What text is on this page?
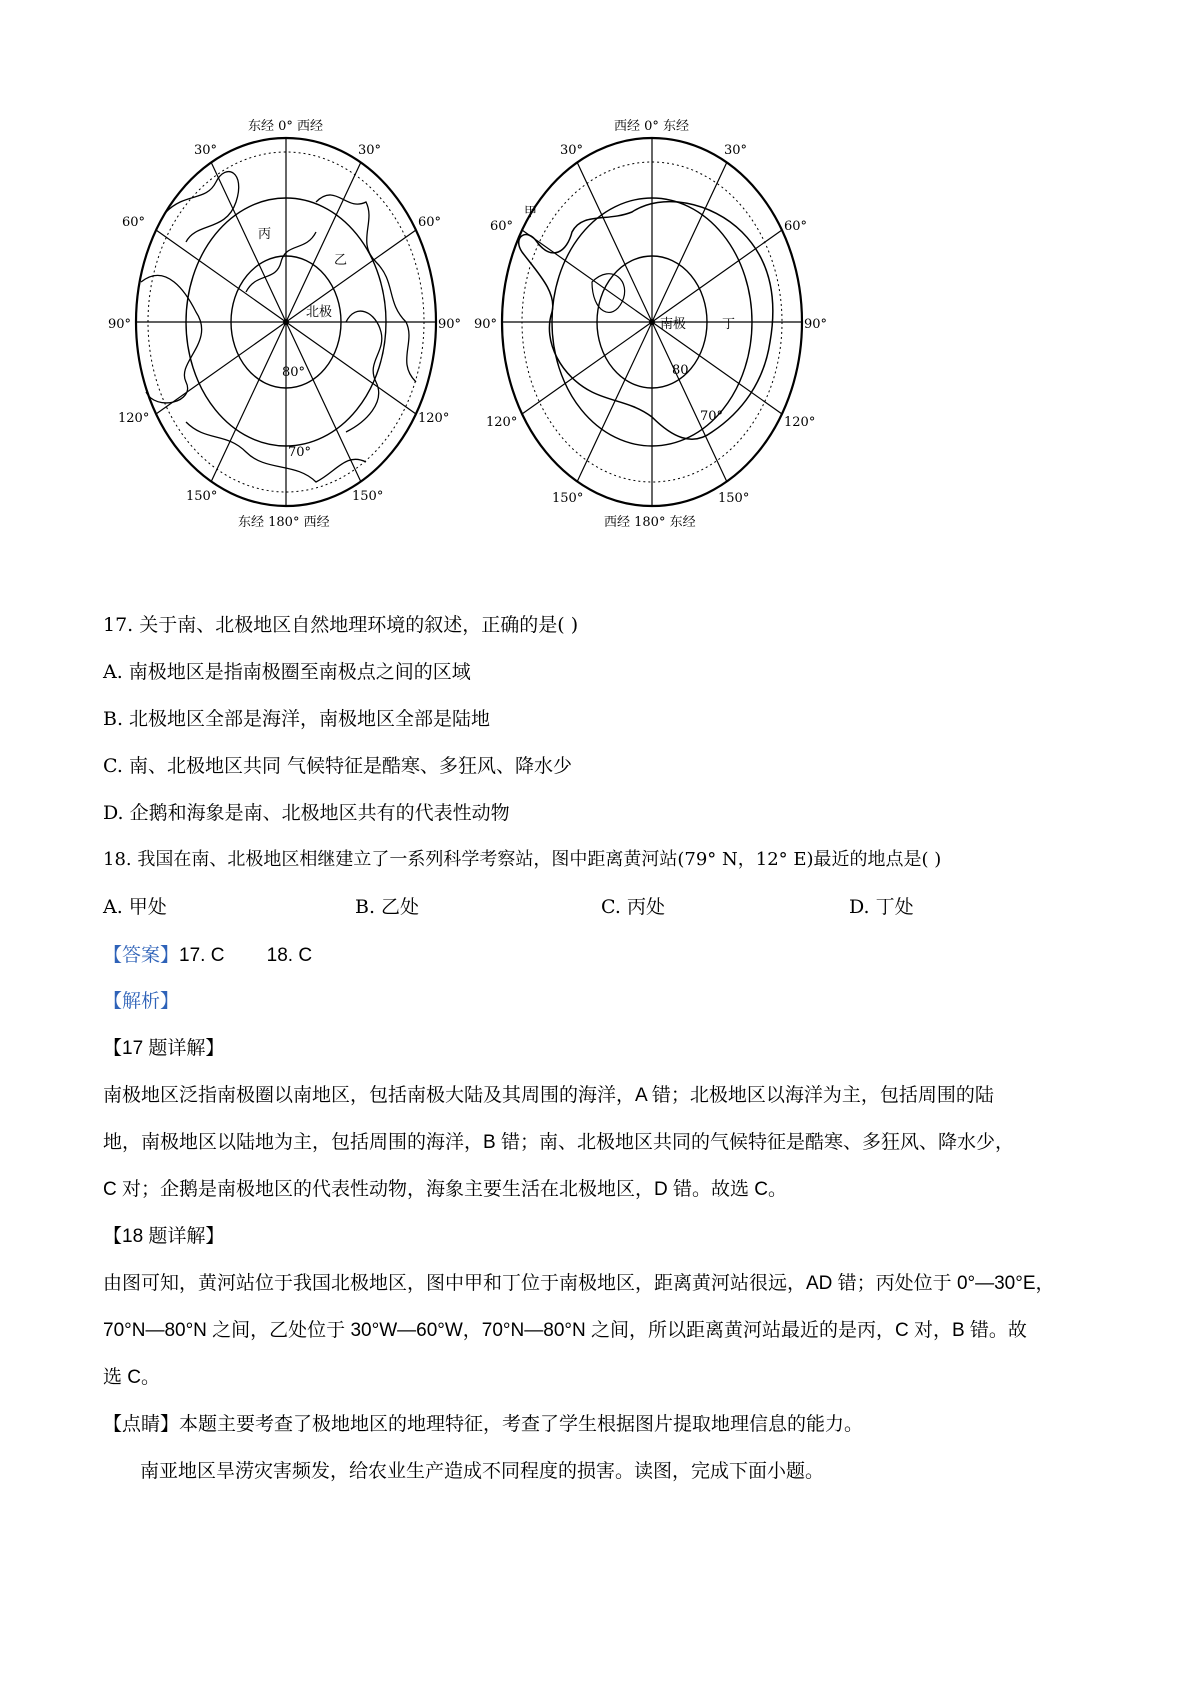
东经 0° 西经
东经 180° 西经
北极
80°
70°
丙
乙
30°	30°
60°	60°
90°	90°
120°	120°
150°	150°
西经 0° 东经
西经 180° 东经
南极
80
70°
甲
丁
30°	30°
60°	60°
90°	90°
120°	120°
150°	150°
17. 关于南、北极地区自然地理环境的叙述，正确的是( )
A. 南极地区是指南极圈至南极点之间的区域
B. 北极地区全部是海洋，南极地区全部是陆地
C. 南、北极地区共同 气候特征是酷寒、多狂风、降水少
D. 企鹅和海象是南、北极地区共有的代表性动物
18. 我国在南、北极地区相继建立了一系列科学考察站，图中距离黄河站(79° N，12° E)最近的地点是( )
A. 甲处	B. 乙处	C. 丙处	D. 丁处
【答案】17. C        18. C
【解析】
【17 题详解】
南极地区泛指南极圈以南地区，包括南极大陆及其周围的海洋，A 错；北极地区以海洋为主，包括周围的陆
地，南极地区以陆地为主，包括周围的海洋，B 错；南、北极地区共同的气候特征是酷寒、多狂风、降水少，
C 对；企鹅是南极地区的代表性动物，海象主要生活在北极地区，D 错。故选 C。
【18 题详解】
由图可知，黄河站位于我国北极地区，图中甲和丁位于南极地区，距离黄河站很远，AD 错；丙处位于 0°—30°E，
70°N—80°N 之间，乙处位于 30°W—60°W，70°N—80°N 之间，所以距离黄河站最近的是丙，C 对，B 错。故
选 C。
【点睛】本题主要考查了极地地区的地理特征，考查了学生根据图片提取地理信息的能力。
南亚地区旱涝灾害频发，给农业生产造成不同程度的损害。读图，完成下面小题。
